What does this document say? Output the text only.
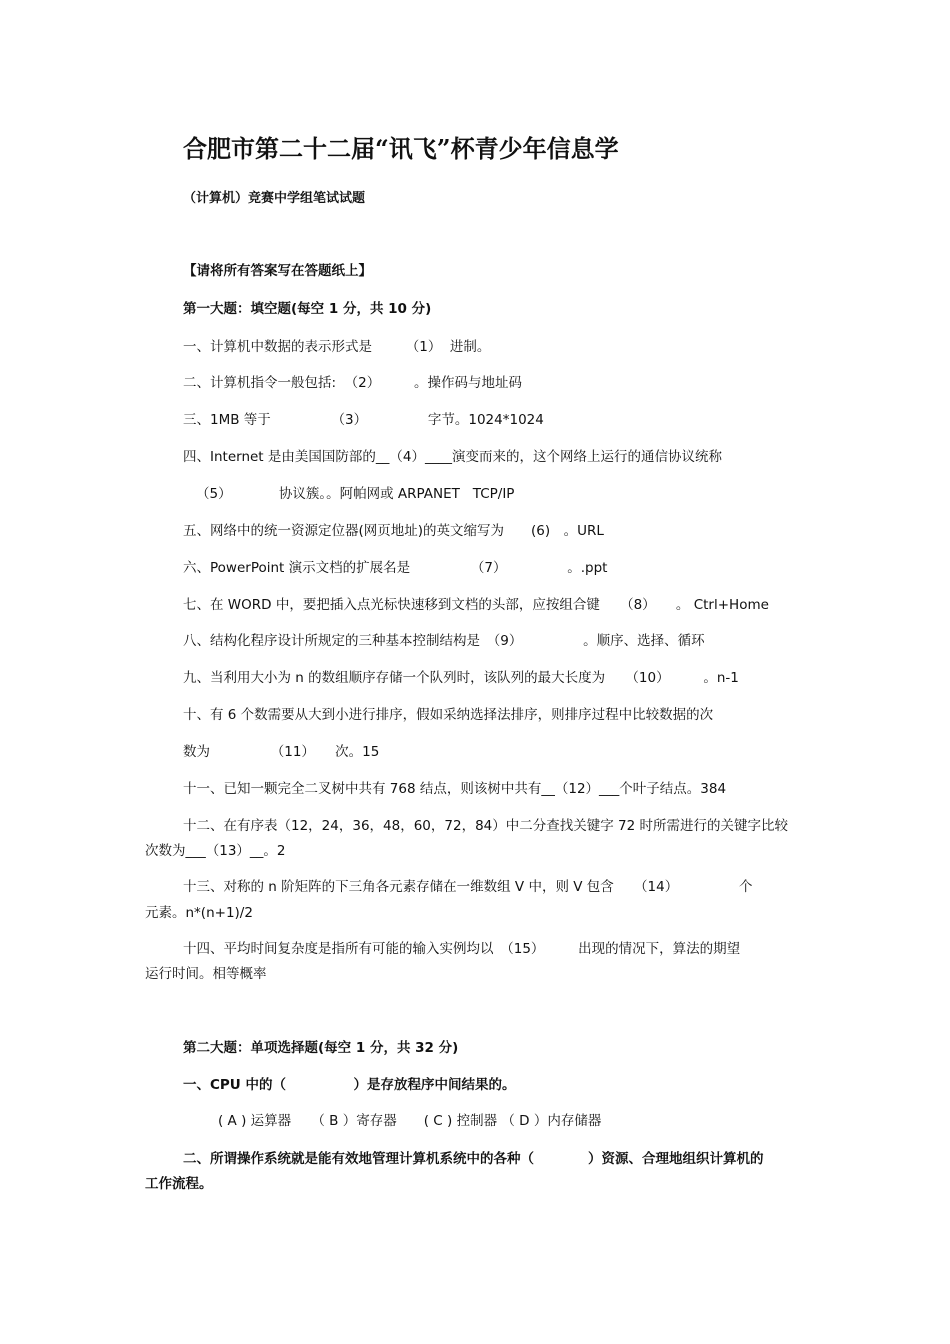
合肥市第二十二届“讯飞”杯青少年信息学
（计算机）竞赛中学组笔试试题
【请将所有答案写在答题纸上】
第一大题：填空题(每空 1 分，共 10 分)
一、计算机中数据的表示形式是　　　（1）  进制。
二、计算机指令一般包括:  （2）　　　。操作码与地址码
三、1MB 等于　　　　　（3）　　　　　字节。1024*1024
四、Internet 是由美国国防部的__（4）____演变而来的，这个网络上运行的通信协议统称
（5）　　　　协议簇。。阿帕网或 ARPANET   TCP/IP
五、网络中的统一资源定位器(网页地址)的英文缩写为　　(6)　。URL
六、PowerPoint 演示文档的扩展名是　　　　　（7）　　　　　。.ppt
七、在 WORD 中，要把插入点光标快速移到文档的头部，应按组合键　　（8）　　。 Ctrl+Home
八、结构化程序设计所规定的三种基本控制结构是　（9）　　　　　。顺序、选择、循环
九、当利用大小为 n 的数组顺序存储一个队列时，该队列的最大长度为　　（10）　　　。n-1
十、有 6 个数需要从大到小进行排序，假如采纳选择法排序，则排序过程中比较数据的次
数为　　　　　（11）　　次。15
十一、已知一颗完全二叉树中共有 768 结点，则该树中共有__（12）___个叶子结点。384
十二、在有序表（12，24，36，48，60，72，84）中二分查找关键字 72 时所需进行的关键字比较
次数为___（13）__。2
十三、对称的 n 阶矩阵的下三角各元素存储在一维数组 V 中，则 V 包含　　（14）　　　　　个
元素。n*(n+1)/2
十四、平均时间复杂度是指所有可能的输入实例均以　（15）　　　出现的情况下，算法的期望
运行时间。相等概率
第二大题：单项选择题(每空 1 分，共 32 分)
一、CPU 中的（　　　　　）是存放程序中间结果的。
( A ) 运算器　　（ B ）寄存器　　( C ) 控制器 （ D ）内存储器
二、所谓操作系统就是能有效地管理计算机系统中的各种（　　　　）资源、合理地组织计算机的
工作流程。
